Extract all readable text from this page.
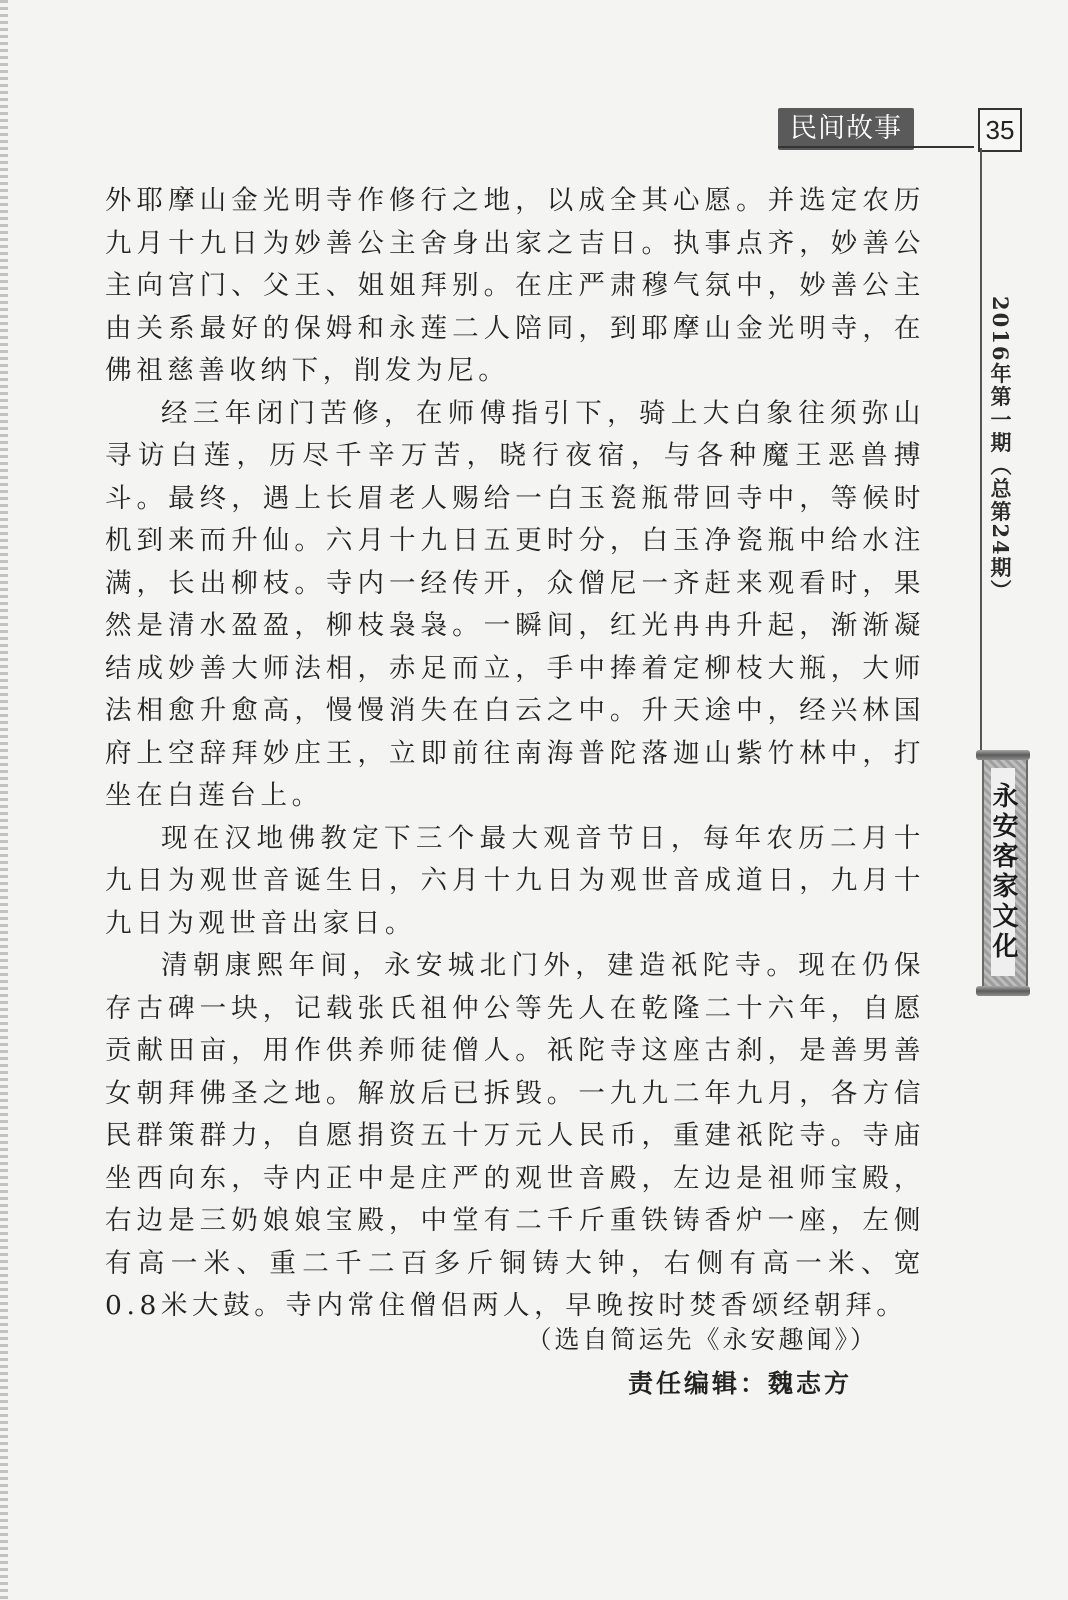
民间故事	35
2016年第一期（总第24期）
永安客家文化

外耶摩山金光明寺作修行之地，以成全其心愿。并选定农历九月十九日为妙善公主舍身出家之吉日。执事点齐，妙善公主向宫门、父王、姐姐拜别。在庄严肃穆气氛中，妙善公主由关系最好的保姆和永莲二人陪同，到耶摩山金光明寺，在佛祖慈善收纳下，削发为尼。

经三年闭门苦修，在师傅指引下，骑上大白象往须弥山寻访白莲，历尽千辛万苦，晓行夜宿，与各种魔王恶兽搏斗。最终，遇上长眉老人赐给一白玉瓷瓶带回寺中，等候时机到来而升仙。六月十九日五更时分，白玉净瓷瓶中给水注满，长出柳枝。寺内一经传开，众僧尼一齐赶来观看时，果然是清水盈盈，柳枝袅袅。一瞬间，红光冉冉升起，渐渐凝结成妙善大师法相，赤足而立，手中捧着定柳枝大瓶，大师法相愈升愈高，慢慢消失在白云之中。升天途中，经兴林国府上空辞拜妙庄王，立即前往南海普陀落迦山紫竹林中，打坐在白莲台上。

现在汉地佛教定下三个最大观音节日，每年农历二月十九日为观世音诞生日，六月十九日为观世音成道日，九月十九日为观世音出家日。

清朝康熙年间，永安城北门外，建造祇陀寺。现在仍保存古碑一块，记载张氏祖仲公等先人在乾隆二十六年，自愿贡献田亩，用作供养师徒僧人。祇陀寺这座古刹，是善男善女朝拜佛圣之地。解放后已拆毁。一九九二年九月，各方信民群策群力，自愿捐资五十万元人民币，重建祇陀寺。寺庙坐西向东，寺内正中是庄严的观世音殿，左边是祖师宝殿，右边是三奶娘娘宝殿，中堂有二千斤重铁铸香炉一座，左侧有高一米、重二千二百多斤铜铸大钟，右侧有高一米、宽0.8米大鼓。寺内常住僧侣两人，早晚按时焚香颂经朝拜。

（选自简运先《永安趣闻》）
责任编辑：魏志方
